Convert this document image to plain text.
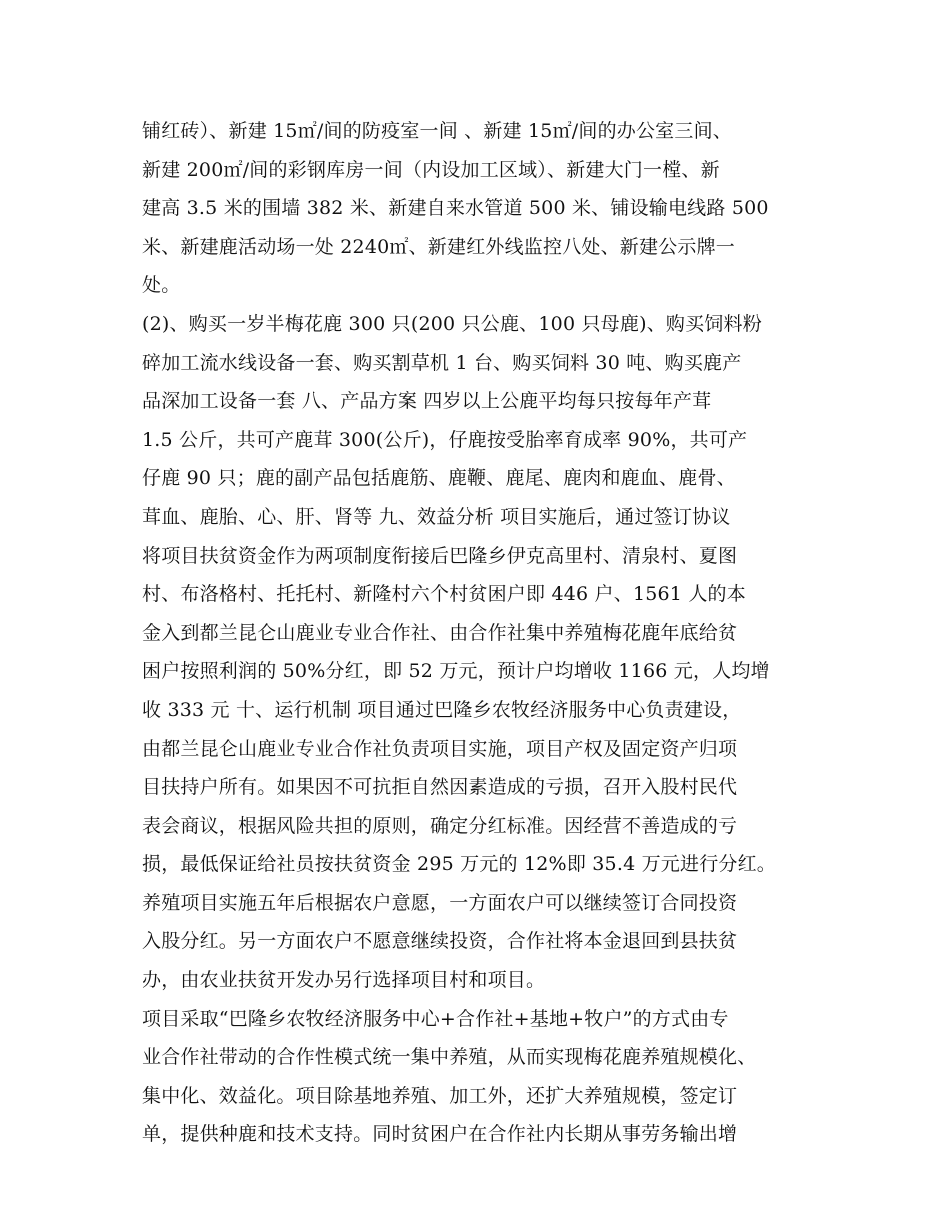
铺红砖）、新建 15㎡/间的防疫室一间 、新建 15㎡/间的办公室三间、
新建 200㎡/间的彩钢库房一间（内设加工区域）、新建大门一樘、新
建高 3.5 米的围墙 382 米、新建自来水管道 500 米、铺设输电线路 500
米、新建鹿活动场一处 2240㎡、新建红外线监控八处、新建公示牌一
处。
(2)、购买一岁半梅花鹿 300 只(200 只公鹿、100 只母鹿)、购买饲料粉
碎加工流水线设备一套、购买割草机 1 台、购买饲料 30 吨、购买鹿产
品深加工设备一套 八、产品方案 四岁以上公鹿平均每只按每年产茸
1.5 公斤，共可产鹿茸 300(公斤)，仔鹿按受胎率育成率 90%，共可产
仔鹿 90 只；鹿的副产品包括鹿筋、鹿鞭、鹿尾、鹿肉和鹿血、鹿骨、
茸血、鹿胎、心、肝、肾等 九、效益分析 项目实施后，通过签订协议
将项目扶贫资金作为两项制度衔接后巴隆乡伊克高里村、清泉村、夏图
村、布洛格村、托托村、新隆村六个村贫困户即 446 户、1561 人的本
金入到都兰昆仑山鹿业专业合作社、由合作社集中养殖梅花鹿年底给贫
困户按照利润的 50%分红，即 52 万元，预计户均增收 1166 元，人均增
收 333 元 十、运行机制 项目通过巴隆乡农牧经济服务中心负责建设，
由都兰昆仑山鹿业专业合作社负责项目实施，项目产权及固定资产归项
目扶持户所有。如果因不可抗拒自然因素造成的亏损，召开入股村民代
表会商议，根据风险共担的原则，确定分红标准。因经营不善造成的亏
损，最低保证给社员按扶贫资金 295 万元的 12%即 35.4 万元进行分红。
养殖项目实施五年后根据农户意愿，一方面农户可以继续签订合同投资
入股分红。另一方面农户不愿意继续投资，合作社将本金退回到县扶贫
办，由农业扶贫开发办另行选择项目村和项目。
项目采取“巴隆乡农牧经济服务中心+合作社+基地+牧户”的方式由专
业合作社带动的合作性模式统一集中养殖，从而实现梅花鹿养殖规模化、
集中化、效益化。项目除基地养殖、加工外，还扩大养殖规模，签定订
单，提供种鹿和技术支持。同时贫困户在合作社内长期从事劳务输出增
